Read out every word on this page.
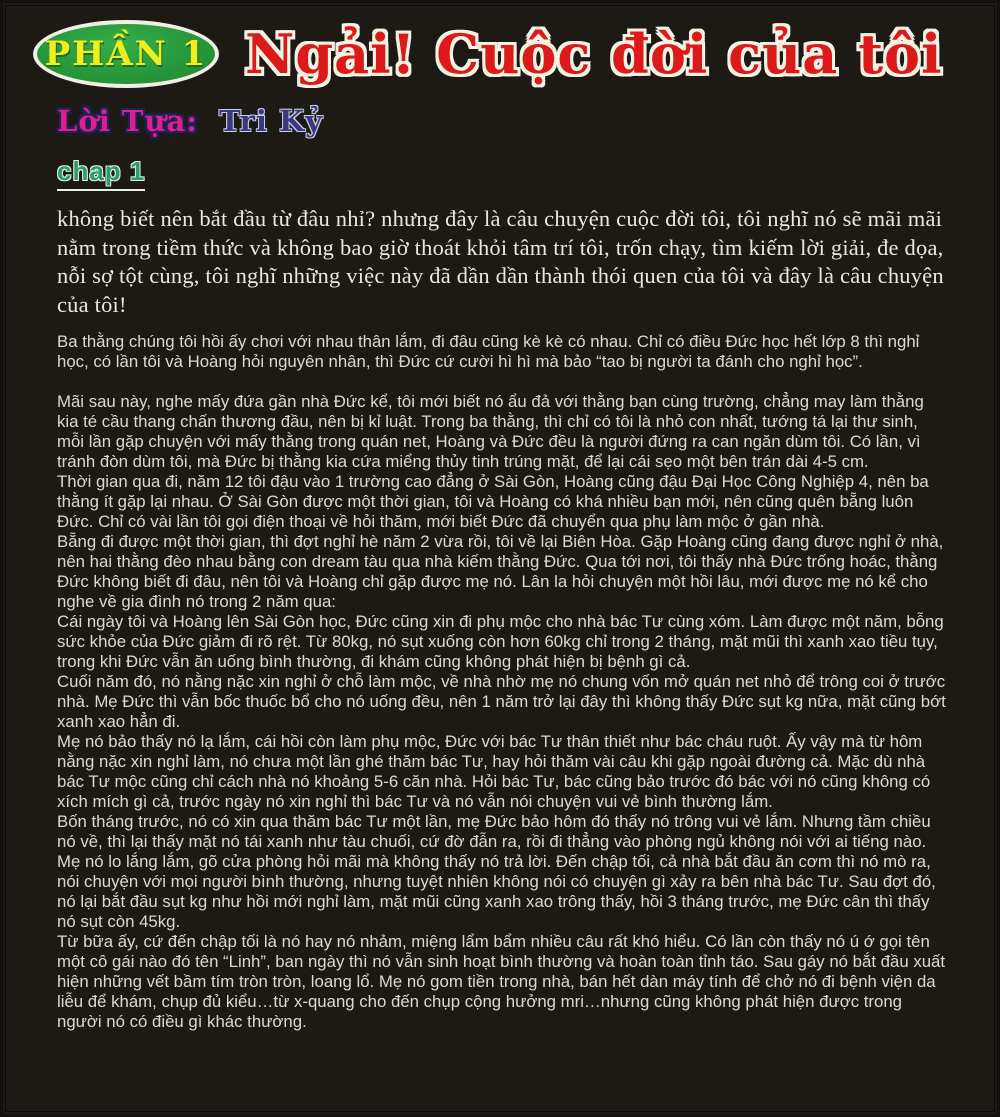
PHẦN 1 Ngải! Cuộc đời của tôi
Lời Tựa: Tri Kỷ
chap 1

không biết nên bắt đầu từ đâu nhỉ? nhưng đây là câu chuyện cuộc đời tôi, tôi nghĩ nó sẽ mãi mãi nằm trong tiềm thức và không bao giờ thoát khỏi tâm trí tôi, trốn chạy, tìm kiếm lời giải, đe dọa, nỗi sợ tột cùng, tôi nghĩ những việc này đã dần dần thành thói quen của tôi và đây là câu chuyện của tôi!

Ba thằng chúng tôi hồi ấy chơi với nhau thân lắm, đi đâu cũng kè kè có nhau. Chỉ có điều Đức học hết lớp 8 thì nghỉ học, có lần tôi và Hoàng hỏi nguyên nhân, thì Đức cứ cười hì hì mà bảo “tao bị người ta đánh cho nghỉ học”.

Mãi sau này, nghe mấy đứa gần nhà Đức kể, tôi mới biết nó ẩu đả với thằng bạn cùng trường, chẳng may làm thằng kia té cầu thang chấn thương đầu, nên bị kỉ luật. Trong ba thằng, thì chỉ có tôi là nhỏ con nhất, tướng tá lại thư sinh, mỗi lần gặp chuyện với mấy thằng trong quán net, Hoàng và Đức đều là người đứng ra can ngăn dùm tôi. Có lần, vì tránh đòn dùm tôi, mà Đức bị thằng kia cứa miểng thủy tinh trúng mặt, để lại cái sẹo một bên trán dài 4-5 cm.

Thời gian qua đi, năm 12 tôi đậu vào 1 trường cao đẳng ở Sài Gòn, Hoàng cũng đậu Đại Học Công Nghiệp 4, nên ba thằng ít gặp lại nhau. Ở Sài Gòn được một thời gian, tôi và Hoàng có khá nhiều bạn mới, nên cũng quên bẵng luôn Đức. Chỉ có vài lần tôi gọi điện thoại về hỏi thăm, mới biết Đức đã chuyển qua phụ làm mộc ở gần nhà.

Bẵng đi được một thời gian, thì đợt nghỉ hè năm 2 vừa rồi, tôi về lại Biên Hòa. Gặp Hoàng cũng đang được nghỉ ở nhà, nên hai thằng đèo nhau bằng con dream tàu qua nhà kiếm thằng Đức. Qua tới nơi, tôi thấy nhà Đức trống hoác, thằng Đức không biết đi đâu, nên tôi và Hoàng chỉ gặp được mẹ nó. Lân la hỏi chuyện một hồi lâu, mới được mẹ nó kể cho nghe về gia đình nó trong 2 năm qua:

Cái ngày tôi và Hoàng lên Sài Gòn học, Đức cũng xin đi phụ mộc cho nhà bác Tư cùng xóm. Làm được một năm, bỗng sức khỏe của Đức giảm đi rõ rệt. Từ 80kg, nó sụt xuống còn hơn 60kg chỉ trong 2 tháng, mặt mũi thì xanh xao tiều tụy, trong khi Đức vẫn ăn uống bình thường, đi khám cũng không phát hiện bị bệnh gì cả.

Cuối năm đó, nó nằng nặc xin nghỉ ở chỗ làm mộc, về nhà nhờ mẹ nó chung vốn mở quán net nhỏ để trông coi ở trước nhà. Mẹ Đức thì vẫn bốc thuốc bổ cho nó uống đều, nên 1 năm trở lại đây thì không thấy Đức sụt kg nữa, mặt cũng bớt xanh xao hẳn đi.

Mẹ nó bảo thấy nó lạ lắm, cái hồi còn làm phụ mộc, Đức với bác Tư thân thiết như bác cháu ruột. Ấy vậy mà từ hôm nằng nặc xin nghỉ làm, nó chưa một lần ghé thăm bác Tư, hay hỏi thăm vài câu khi gặp ngoài đường cả. Mặc dù nhà bác Tư mộc cũng chỉ cách nhà nó khoảng 5-6 căn nhà. Hỏi bác Tư, bác cũng bảo trước đó bác với nó cũng không có xích mích gì cả, trước ngày nó xin nghỉ thì bác Tư và nó vẫn nói chuyện vui vẻ bình thường lắm.

Bốn tháng trước, nó có xin qua thăm bác Tư một lần, mẹ Đức bảo hôm đó thấy nó trông vui vẻ lắm. Nhưng tầm chiều nó về, thì lại thấy mặt nó tái xanh như tàu chuối, cứ đờ đẫn ra, rồi đi thẳng vào phòng ngủ không nói với ai tiếng nào.

Mẹ nó lo lắng lắm, gõ cửa phòng hỏi mãi mà không thấy nó trả lời. Đến chập tối, cả nhà bắt đầu ăn cơm thì nó mò ra, nói chuyện với mọi người bình thường, nhưng tuyệt nhiên không nói có chuyện gì xảy ra bên nhà bác Tư. Sau đợt đó, nó lại bắt đầu sụt kg như hồi mới nghỉ làm, mặt mũi cũng xanh xao trông thấy, hồi 3 tháng trước, mẹ Đức cân thì thấy nó sụt còn 45kg.

Từ bữa ấy, cứ đến chập tối là nó hay nó nhảm, miệng lẩm bẩm nhiều câu rất khó hiểu. Có lần còn thấy nó ú ớ gọi tên một cô gái nào đó tên “Linh”, ban ngày thì nó vẫn sinh hoạt bình thường và hoàn toàn tỉnh táo. Sau gáy nó bắt đầu xuất hiện những vết bầm tím tròn tròn, loang lổ. Mẹ nó gom tiền trong nhà, bán hết dàn máy tính để chở nó đi bệnh viện da liễu để khám, chụp đủ kiểu…từ x-quang cho đến chụp cộng hưởng mri…nhưng cũng không phát hiện được trong người nó có điều gì khác thường.
